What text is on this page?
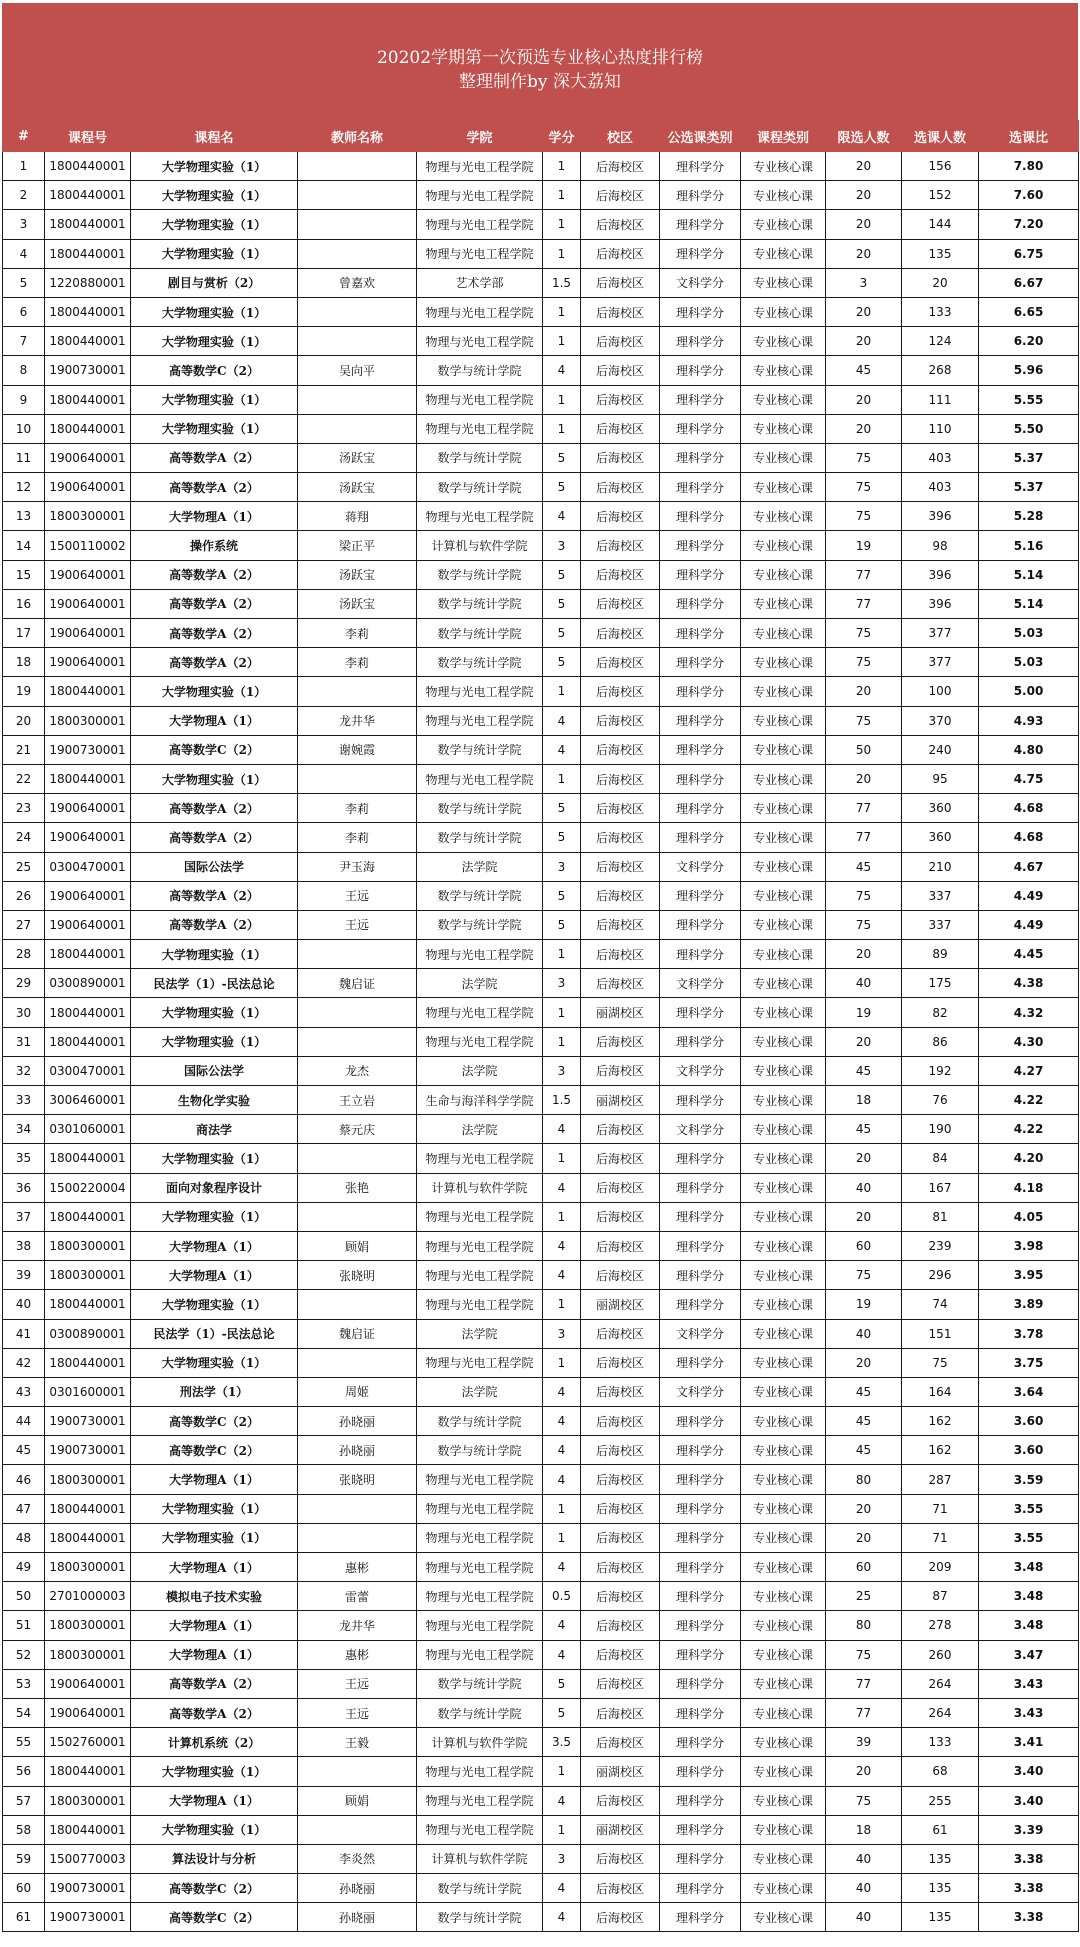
20202学期第一次预选专业核心热度排行榜
整理制作by 深大荔知
#	课程号	课程名	教师名称	学院	学分	校区	公选课类别	课程类别	限选人数	选课人数	选课比
1	1800440001	大学物理实验（1）		物理与光电工程学院	1	后海校区	理科学分	专业核心课	20	156	7.80
2	1800440001	大学物理实验（1）		物理与光电工程学院	1	后海校区	理科学分	专业核心课	20	152	7.60
3	1800440001	大学物理实验（1）		物理与光电工程学院	1	后海校区	理科学分	专业核心课	20	144	7.20
4	1800440001	大学物理实验（1）		物理与光电工程学院	1	后海校区	理科学分	专业核心课	20	135	6.75
5	1220880001	剧目与赏析（2）	曾嘉欢	艺术学部	1.5	后海校区	文科学分	专业核心课	3	20	6.67
6	1800440001	大学物理实验（1）		物理与光电工程学院	1	后海校区	理科学分	专业核心课	20	133	6.65
7	1800440001	大学物理实验（1）		物理与光电工程学院	1	后海校区	理科学分	专业核心课	20	124	6.20
8	1900730001	高等数学C（2）	吴向平	数学与统计学院	4	后海校区	理科学分	专业核心课	45	268	5.96
9	1800440001	大学物理实验（1）		物理与光电工程学院	1	后海校区	理科学分	专业核心课	20	111	5.55
10	1800440001	大学物理实验（1）		物理与光电工程学院	1	后海校区	理科学分	专业核心课	20	110	5.50
11	1900640001	高等数学A（2）	汤跃宝	数学与统计学院	5	后海校区	理科学分	专业核心课	75	403	5.37
12	1900640001	高等数学A（2）	汤跃宝	数学与统计学院	5	后海校区	理科学分	专业核心课	75	403	5.37
13	1800300001	大学物理A（1）	蒋翔	物理与光电工程学院	4	后海校区	理科学分	专业核心课	75	396	5.28
14	1500110002	操作系统	梁正平	计算机与软件学院	3	后海校区	理科学分	专业核心课	19	98	5.16
15	1900640001	高等数学A（2）	汤跃宝	数学与统计学院	5	后海校区	理科学分	专业核心课	77	396	5.14
16	1900640001	高等数学A（2）	汤跃宝	数学与统计学院	5	后海校区	理科学分	专业核心课	77	396	5.14
17	1900640001	高等数学A（2）	李莉	数学与统计学院	5	后海校区	理科学分	专业核心课	75	377	5.03
18	1900640001	高等数学A（2）	李莉	数学与统计学院	5	后海校区	理科学分	专业核心课	75	377	5.03
19	1800440001	大学物理实验（1）		物理与光电工程学院	1	后海校区	理科学分	专业核心课	20	100	5.00
20	1800300001	大学物理A（1）	龙井华	物理与光电工程学院	4	后海校区	理科学分	专业核心课	75	370	4.93
21	1900730001	高等数学C（2）	谢婉霞	数学与统计学院	4	后海校区	理科学分	专业核心课	50	240	4.80
22	1800440001	大学物理实验（1）		物理与光电工程学院	1	后海校区	理科学分	专业核心课	20	95	4.75
23	1900640001	高等数学A（2）	李莉	数学与统计学院	5	后海校区	理科学分	专业核心课	77	360	4.68
24	1900640001	高等数学A（2）	李莉	数学与统计学院	5	后海校区	理科学分	专业核心课	77	360	4.68
25	0300470001	国际公法学	尹玉海	法学院	3	后海校区	文科学分	专业核心课	45	210	4.67
26	1900640001	高等数学A（2）	王远	数学与统计学院	5	后海校区	理科学分	专业核心课	75	337	4.49
27	1900640001	高等数学A（2）	王远	数学与统计学院	5	后海校区	理科学分	专业核心课	75	337	4.49
28	1800440001	大学物理实验（1）		物理与光电工程学院	1	后海校区	理科学分	专业核心课	20	89	4.45
29	0300890001	民法学（1）-民法总论	魏启证	法学院	3	后海校区	文科学分	专业核心课	40	175	4.38
30	1800440001	大学物理实验（1）		物理与光电工程学院	1	丽湖校区	理科学分	专业核心课	19	82	4.32
31	1800440001	大学物理实验（1）		物理与光电工程学院	1	后海校区	理科学分	专业核心课	20	86	4.30
32	0300470001	国际公法学	龙杰	法学院	3	后海校区	文科学分	专业核心课	45	192	4.27
33	3006460001	生物化学实验	王立岩	生命与海洋科学学院	1.5	丽湖校区	理科学分	专业核心课	18	76	4.22
34	0301060001	商法学	蔡元庆	法学院	4	后海校区	文科学分	专业核心课	45	190	4.22
35	1800440001	大学物理实验（1）		物理与光电工程学院	1	后海校区	理科学分	专业核心课	20	84	4.20
36	1500220004	面向对象程序设计	张艳	计算机与软件学院	4	后海校区	理科学分	专业核心课	40	167	4.18
37	1800440001	大学物理实验（1）		物理与光电工程学院	1	后海校区	理科学分	专业核心课	20	81	4.05
38	1800300001	大学物理A（1）	顾娟	物理与光电工程学院	4	后海校区	理科学分	专业核心课	60	239	3.98
39	1800300001	大学物理A（1）	张晓明	物理与光电工程学院	4	后海校区	理科学分	专业核心课	75	296	3.95
40	1800440001	大学物理实验（1）		物理与光电工程学院	1	丽湖校区	理科学分	专业核心课	19	74	3.89
41	0300890001	民法学（1）-民法总论	魏启证	法学院	3	后海校区	文科学分	专业核心课	40	151	3.78
42	1800440001	大学物理实验（1）		物理与光电工程学院	1	后海校区	理科学分	专业核心课	20	75	3.75
43	0301600001	刑法学（1）	周姬	法学院	4	后海校区	文科学分	专业核心课	45	164	3.64
44	1900730001	高等数学C（2）	孙晓丽	数学与统计学院	4	后海校区	理科学分	专业核心课	45	162	3.60
45	1900730001	高等数学C（2）	孙晓丽	数学与统计学院	4	后海校区	理科学分	专业核心课	45	162	3.60
46	1800300001	大学物理A（1）	张晓明	物理与光电工程学院	4	后海校区	理科学分	专业核心课	80	287	3.59
47	1800440001	大学物理实验（1）		物理与光电工程学院	1	后海校区	理科学分	专业核心课	20	71	3.55
48	1800440001	大学物理实验（1）		物理与光电工程学院	1	后海校区	理科学分	专业核心课	20	71	3.55
49	1800300001	大学物理A（1）	惠彬	物理与光电工程学院	4	后海校区	理科学分	专业核心课	60	209	3.48
50	2701000003	模拟电子技术实验	雷蕾	物理与光电工程学院	0.5	后海校区	理科学分	专业核心课	25	87	3.48
51	1800300001	大学物理A（1）	龙井华	物理与光电工程学院	4	后海校区	理科学分	专业核心课	80	278	3.48
52	1800300001	大学物理A（1）	惠彬	物理与光电工程学院	4	后海校区	理科学分	专业核心课	75	260	3.47
53	1900640001	高等数学A（2）	王远	数学与统计学院	5	后海校区	理科学分	专业核心课	77	264	3.43
54	1900640001	高等数学A（2）	王远	数学与统计学院	5	后海校区	理科学分	专业核心课	77	264	3.43
55	1502760001	计算机系统（2）	王毅	计算机与软件学院	3.5	后海校区	理科学分	专业核心课	39	133	3.41
56	1800440001	大学物理实验（1）		物理与光电工程学院	1	丽湖校区	理科学分	专业核心课	20	68	3.40
57	1800300001	大学物理A（1）	顾娟	物理与光电工程学院	4	后海校区	理科学分	专业核心课	75	255	3.40
58	1800440001	大学物理实验（1）		物理与光电工程学院	1	丽湖校区	理科学分	专业核心课	18	61	3.39
59	1500770003	算法设计与分析	李炎然	计算机与软件学院	3	后海校区	理科学分	专业核心课	40	135	3.38
60	1900730001	高等数学C（2）	孙晓丽	数学与统计学院	4	后海校区	理科学分	专业核心课	40	135	3.38
61	1900730001	高等数学C（2）	孙晓丽	数学与统计学院	4	后海校区	理科学分	专业核心课	40	135	3.38
